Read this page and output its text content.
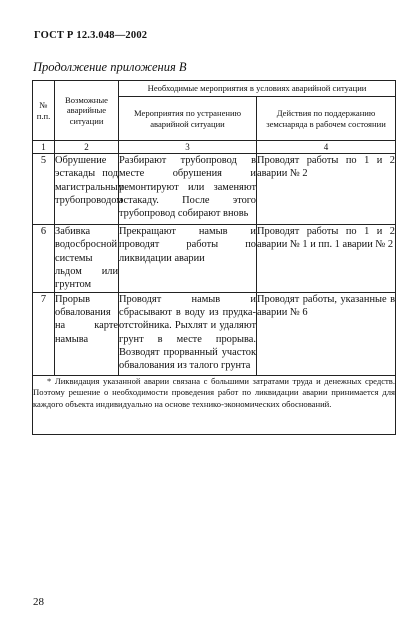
ГОСТ Р 12.3.048—2002
Продолжение приложения В
№ п.п.	Возможные аварийные ситуации	Необходимые мероприятия в условиях аварийной ситуации	
		Мероприятия по устранению аварийной ситуации	Действия по поддержанию земснаряда в рабочем состоянии
1	2	3	4
5	Обрушение эстакады под магистральным трубопроводом	Разбирают трубопровод в месте обрушения и ремонтируют или заменяют эстакаду. После этого трубопровод собирают вновь	Проводят работы по 1 и 2 аварии № 2
6	Забивка водосбросной системы льдом или грунтом	Прекращают намыв и проводят работы по ликвидации аварии	Проводят работы по 1 и 2 аварии № 1 и пп. 1 аварии № 2
7	Прорыв обвалования на карте намыва	Проводят намыв и сбрасывают в воду из прудка-отстойника. Рыхлят и удаляют грунт в месте прорыва. Возводят прорванный участок обвалования из талого грунта	Проводят работы, указанные в аварии № 6
* Ликвидация указанной аварии связана с большими затратами труда и денежных средств. Поэтому решение о необходимости проведения работ по ликвидации аварии принимается для каждого объекта индивидуально на основе технико-экономических обоснований.			
28
